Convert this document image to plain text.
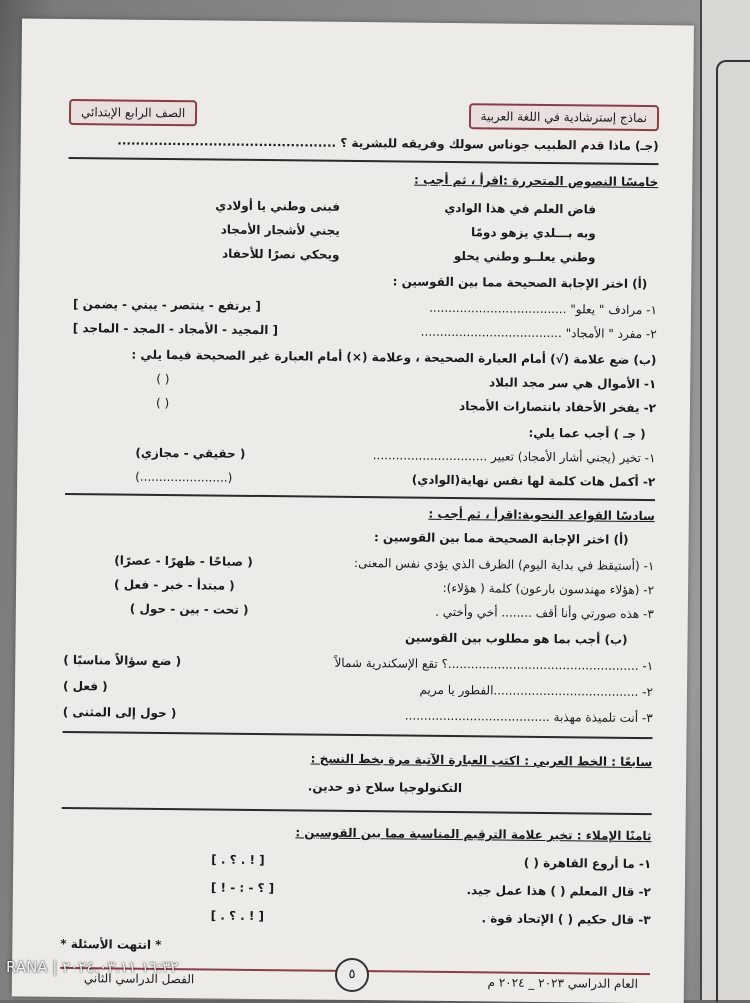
نماذج إسترشادية في اللغة العربية
الصف الرابع الإبتدائي
(جـ) ماذا قدم الطبيب جوناس سولك وفريقه للبشرية ؟ ................................................
خامسًا النصوص المتحررة :اقرأ ، ثم أجب :
فاض العلم في هذا الوادي
فبنى وطني يا أولادي
وبه بـــلدي يزهو دومًا
يجني لأشجار الأمجاد
وطني يعلــو وطني يحلو
ويحكي نصرًا للأحفاد
(أ) اختر الإجابة الصحيحة مما بين القوسين :
١- مرادف " يعلو" ....................................
[ يرتفع - ينتصر - يبني - يضمن ]
٢- مفرد " الأمجاد" .....................................
[ المجيد - الأمجاد - المجد - الماجد ]
(ب) ضع علامة (√) أمام العبارة الصحيحة ، وعلامة (×) أمام العبارة غير الصحيحة فيما يلي :
١- الأموال هي سر مجد البلاد
( )
٢- يفخر الأحفاد بانتصارات الأمجاد
( )
( جـ ) أجب عما يلي:
١- تخير (يجني أشار الأمجاد) تعبير ..............................
( حقيقي - مجازي)
٢- أكمل هات كلمة لها نفس نهاية(الوادي)
(.......................)
سادسًا القواعد النحوية:اقرأ ، ثم أجب :
(أ) اختر الإجابة الصحيحة مما بين القوسين :
١- (أستيقظ في بداية اليوم) الظرف الذي يؤدي نفس المعنى:
( صباحًا - ظهرًا - عصرًا)
٢- (هؤلاء مهندسون بارعون) كلمة ( هؤلاء):
( مبتدأ - خبر - فعل )
٣- هذه صورتي وأنا أقف ........ أخي وأختي .
( تحت - بين - حول )
(ب) أجب بما هو مطلوب بين القوسين
١- ..................................................؟ تقع الإسكندرية شمالاً
( ضع سؤالاً مناسبًا )
٢- ......................................الفطور يا مريم
( فعل )
٣- أنت تلميذة مهذبة ......................................
( حول إلى المثنى )
سابعًا : الخط العربي : اكتب العبارة الآتية مرة بخط النسخ :
التكنولوجيا سلاح ذو حدين.
ثامنًا الإملاء : تخير علامة الترقيم المناسبة مما بين القوسين :
١- ما أروع القاهرة ( )
[ ! . ؟ . ]
٢- قال المعلم ( ) هذا عمل جيد.
[ ؟ - : - ! ]
٣- قال حكيم ( ) الإتحاد قوة .
[ ! . ؟ . ]
* انتهت الأسئلة *
العام الدراسي ٢٠٢٣ _ ٢٠٢٤ م
الفصل الدراسي الثاني	٥
RANA | ١٦:٣٢ ٢٠٢٤.٠٣.١١
